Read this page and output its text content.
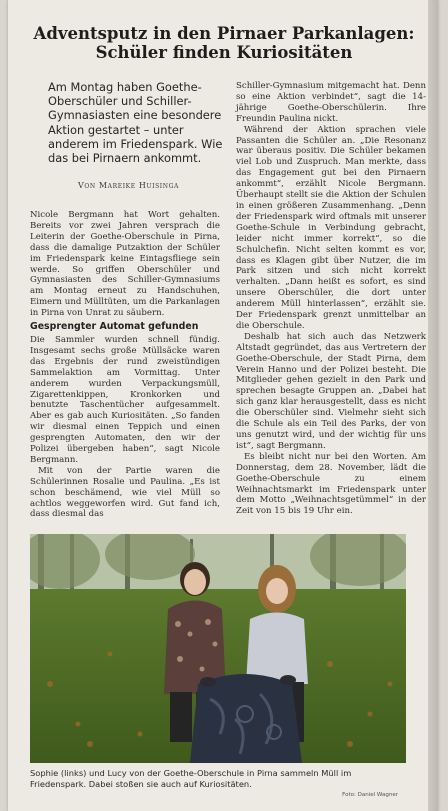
Adventsputz in den Pirnaer Parkanlagen:
Schüler finden Kuriositäten
Am Montag haben Goethe-Oberschüler und Schiller-Gymnasiasten eine besondere Aktion gestartet – unter anderem im Friedenspark. Wie das bei Pirnaern ankommt.
Von Mareike Huisinga

Nicole Bergmann hat Wort gehalten. Bereits vor zwei Jahren versprach die Leiterin der Goethe-Oberschule in Pirna, dass die damalige Putzaktion der Schüler im Friedenspark keine Eintagsfliege sein werde. So griffen Oberschüler und Gymnasiasten des Schiller-Gymnasiums am Montag erneut zu Handschuhen, Eimern und Mülltüten, um die Parkanlagen in Pirna von Unrat zu säubern.

Gesprengter Automat gefunden

Die Sammler wurden schnell fündig. Insgesamt sechs große Müllsäcke waren das Ergebnis der rund zweistündigen Sammelaktion am Vormittag. Unter anderem wurden Verpackungsmüll, Zigarettenkippen, Kronkorken und benutzte Taschentücher aufgesammelt. Aber es gab auch Kuriositäten. „So fanden wir diesmal einen Teppich und einen gesprengten Automaten, den wir der Polizei übergeben haben“, sagt Nicole Bergmann.

Mit von der Partie waren die Schülerinnen Rosalie und Paulina. „Es ist schon beschämend, wie viel Müll so achtlos weggeworfen wird. Gut fand ich, dass diesmal das

Schiller-Gymnasium mitgemacht hat. Denn so eine Aktion verbindet“, sagt die 14-jährige Goethe-Oberschülerin. Ihre Freundin Paulina nickt.

Während der Aktion sprachen viele Passanten die Schüler an. „Die Resonanz war überaus positiv. Die Schüler bekamen viel Lob und Zuspruch. Man merkte, dass das Engagement gut bei den Pirnaern ankommt“, erzählt Nicole Bergmann. Überhaupt stellt sie die Aktion der Schulen in einen größeren Zusammenhang. „Denn der Friedenspark wird oftmals mit unserer Goethe-Schule in Verbindung gebracht, leider nicht immer korrekt“, so die Schulchefin. Nicht selten kommt es vor, dass es Klagen gibt über Nutzer, die im Park sitzen und sich nicht korrekt verhalten. „Dann heißt es sofort, es sind unsere Oberschüler, die dort unter anderem Müll hinterlassen“, erzählt sie. Der Friedenspark grenzt unmittelbar an die Oberschule.

Deshalb hat sich auch das Netzwerk Altstadt gegründet, das aus Vertretern der Goethe-Oberschule, der Stadt Pirna, dem Verein Hanno und der Polizei besteht. Die Mitglieder gehen gezielt in den Park und sprechen besagte Gruppen an. „Dabei hat sich ganz klar herausgestellt, dass es nicht die Oberschüler sind. Vielmehr sieht sich die Schule als ein Teil des Parks, der von uns genutzt wird, und der wichtig für uns ist“, sagt Bergmann.

Es bleibt nicht nur bei den Worten. Am Donnerstag, dem 28. November, lädt die Goethe-Oberschule zu einem Weihnachtsmarkt im Friedenspark unter dem Motto „Weihnachtsgetümmel“ in der Zeit von 15 bis 19 Uhr ein.

Sophie (links) und Lucy von der Goethe-Oberschule in Pirna sammeln Müll im Friedenspark. Dabei stoßen sie auch auf Kuriositäten.
Foto: Daniel Wagner
